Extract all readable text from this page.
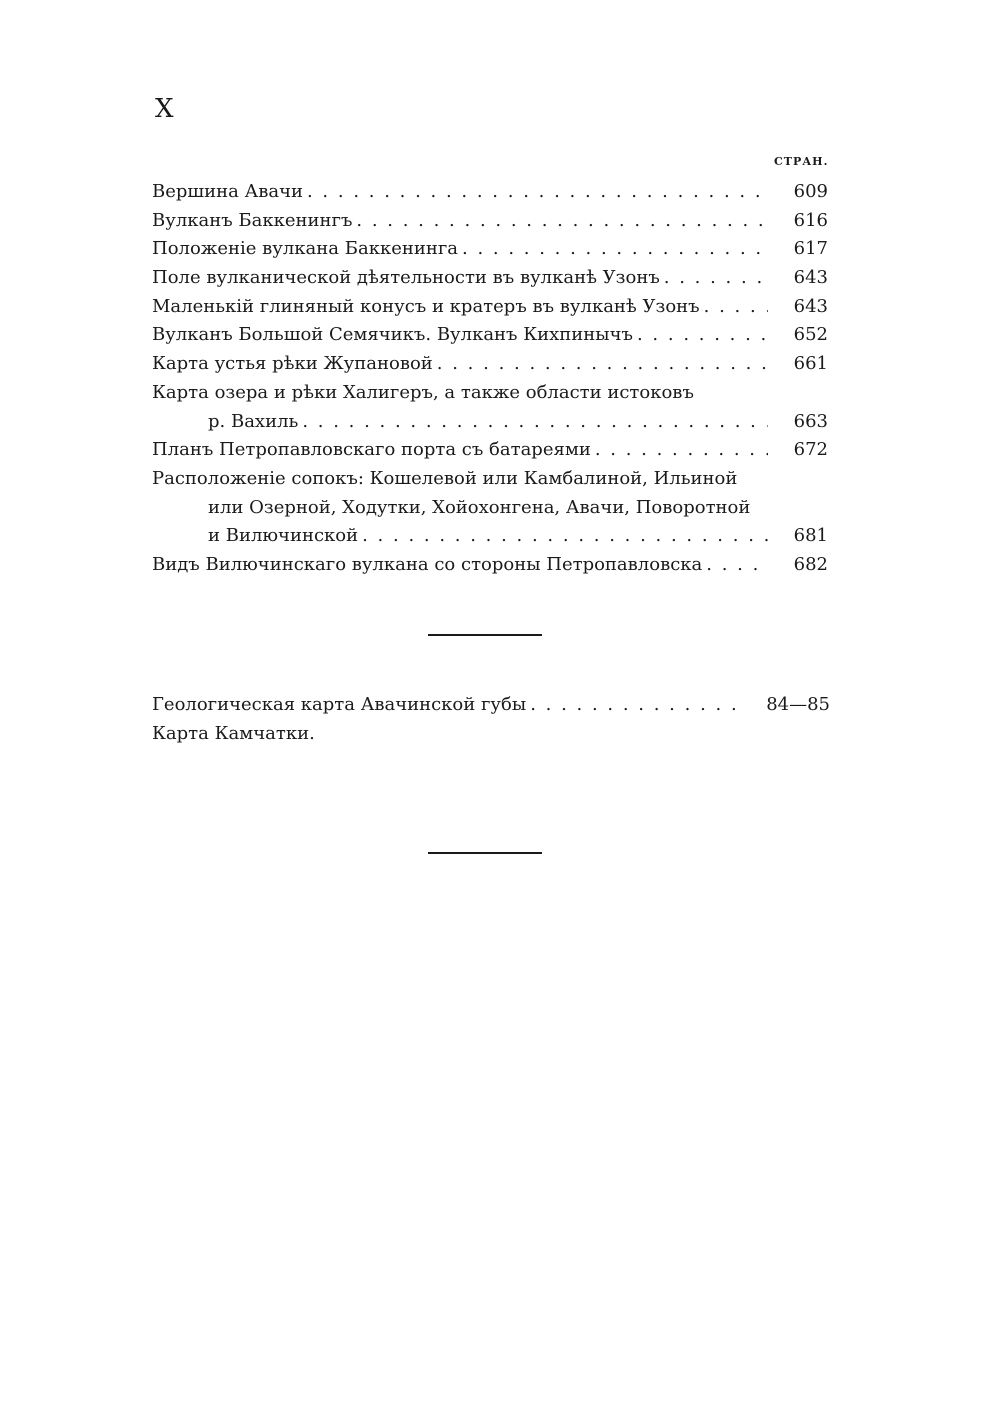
X
СТРАН.
Вершина Авачи . . .	609
Вулканъ Баккенингъ . . .	616
Положеніе вулкана Баккенинга . . .	617
Поле вулканической дѣятельности въ вулканѣ Узонъ . . .	643
Маленькій глиняный конусъ и кратеръ въ вулканѣ Узонъ . . .	643
Вулканъ Большой Семячикъ. Вулканъ Кихпинычъ . . .	652
Карта устья рѣки Жупановой . . .	661
Карта озера и рѣки Халигеръ, а также области истоковъ
р. Вахиль . . .	663
Планъ Петропавловскаго порта съ батареями . . .	672
Расположеніе сопокъ: Кошелевой или Камбалиной, Ильиной
или Озерной, Ходутки, Хойохонгена, Авачи, Поворотной
и Вилючинской . . .	681
Видъ Вилючинскаго вулкана со стороны Петропавловска . . .	682
Геологическая карта Авачинской губы . . .	84—85
Карта Камчатки.
